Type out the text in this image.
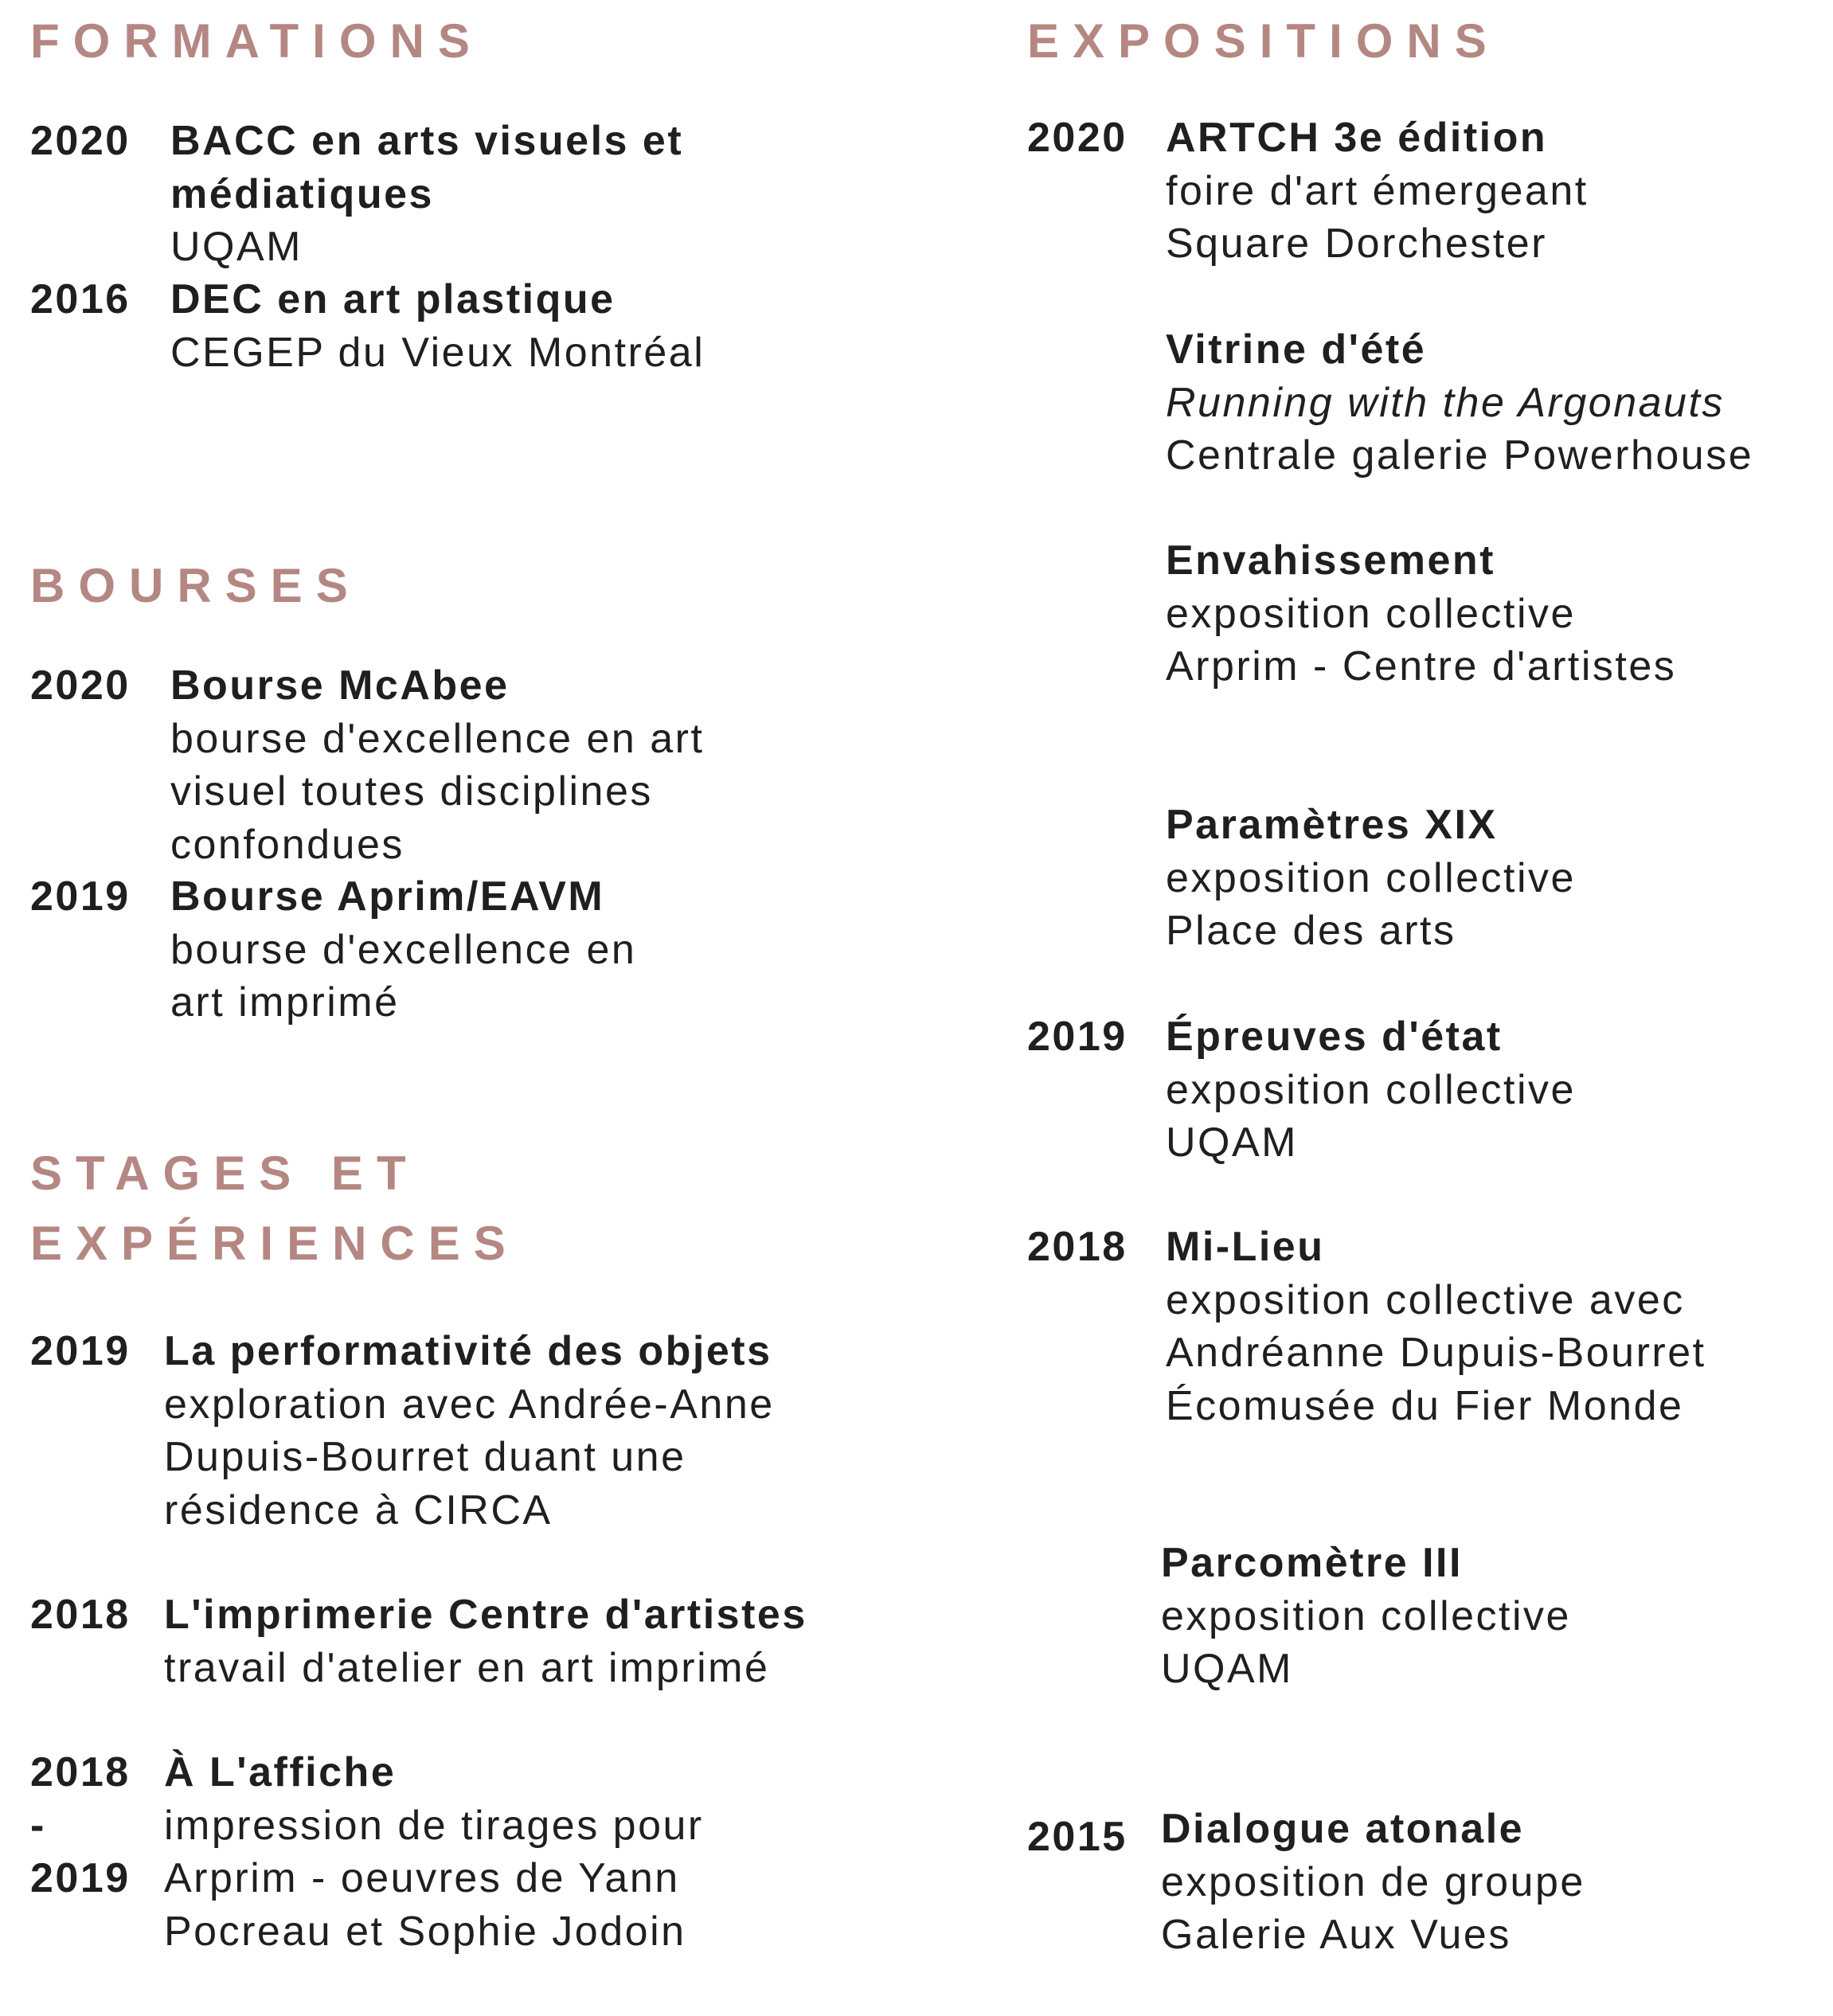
FORMATIONS
2020 BACC en arts visuels et
médiatiques
UQAM
2016 DEC en art plastique
CEGEP du Vieux Montréal
BOURSES
2020 Bourse McAbee
bourse d'excellence en art
visuel toutes disciplines
confondues
2019 Bourse Aprim/EAVM
bourse d'excellence en
art imprimé
STAGES ET
EXPÉRIENCES
2019 La performativité des objets
exploration avec Andrée-Anne
Dupuis-Bourret duant une
résidence à CIRCA
2018 L'imprimerie Centre d'artistes
travail d'atelier en art imprimé
2018
-
2019
À L'affiche
impression de tirages pour
Arprim - oeuvres de Yann
Pocreau et Sophie Jodoin
EXPOSITIONS
2020 ARTCH 3e édition
foire d'art émergeant
Square Dorchester
Vitrine d'été
Running with the Argonauts
Centrale galerie Powerhouse
Envahissement
exposition collective
Arprim - Centre d'artistes
Paramètres XIX
exposition collective
Place des arts
2019 Épreuves d'état
exposition collective
UQAM
2018 Mi-Lieu
exposition collective avec
Andréanne Dupuis-Bourret
Écomusée du Fier Monde
Parcomètre III
exposition collective
UQAM
2015 Dialogue atonale
exposition de groupe
Galerie Aux Vues
